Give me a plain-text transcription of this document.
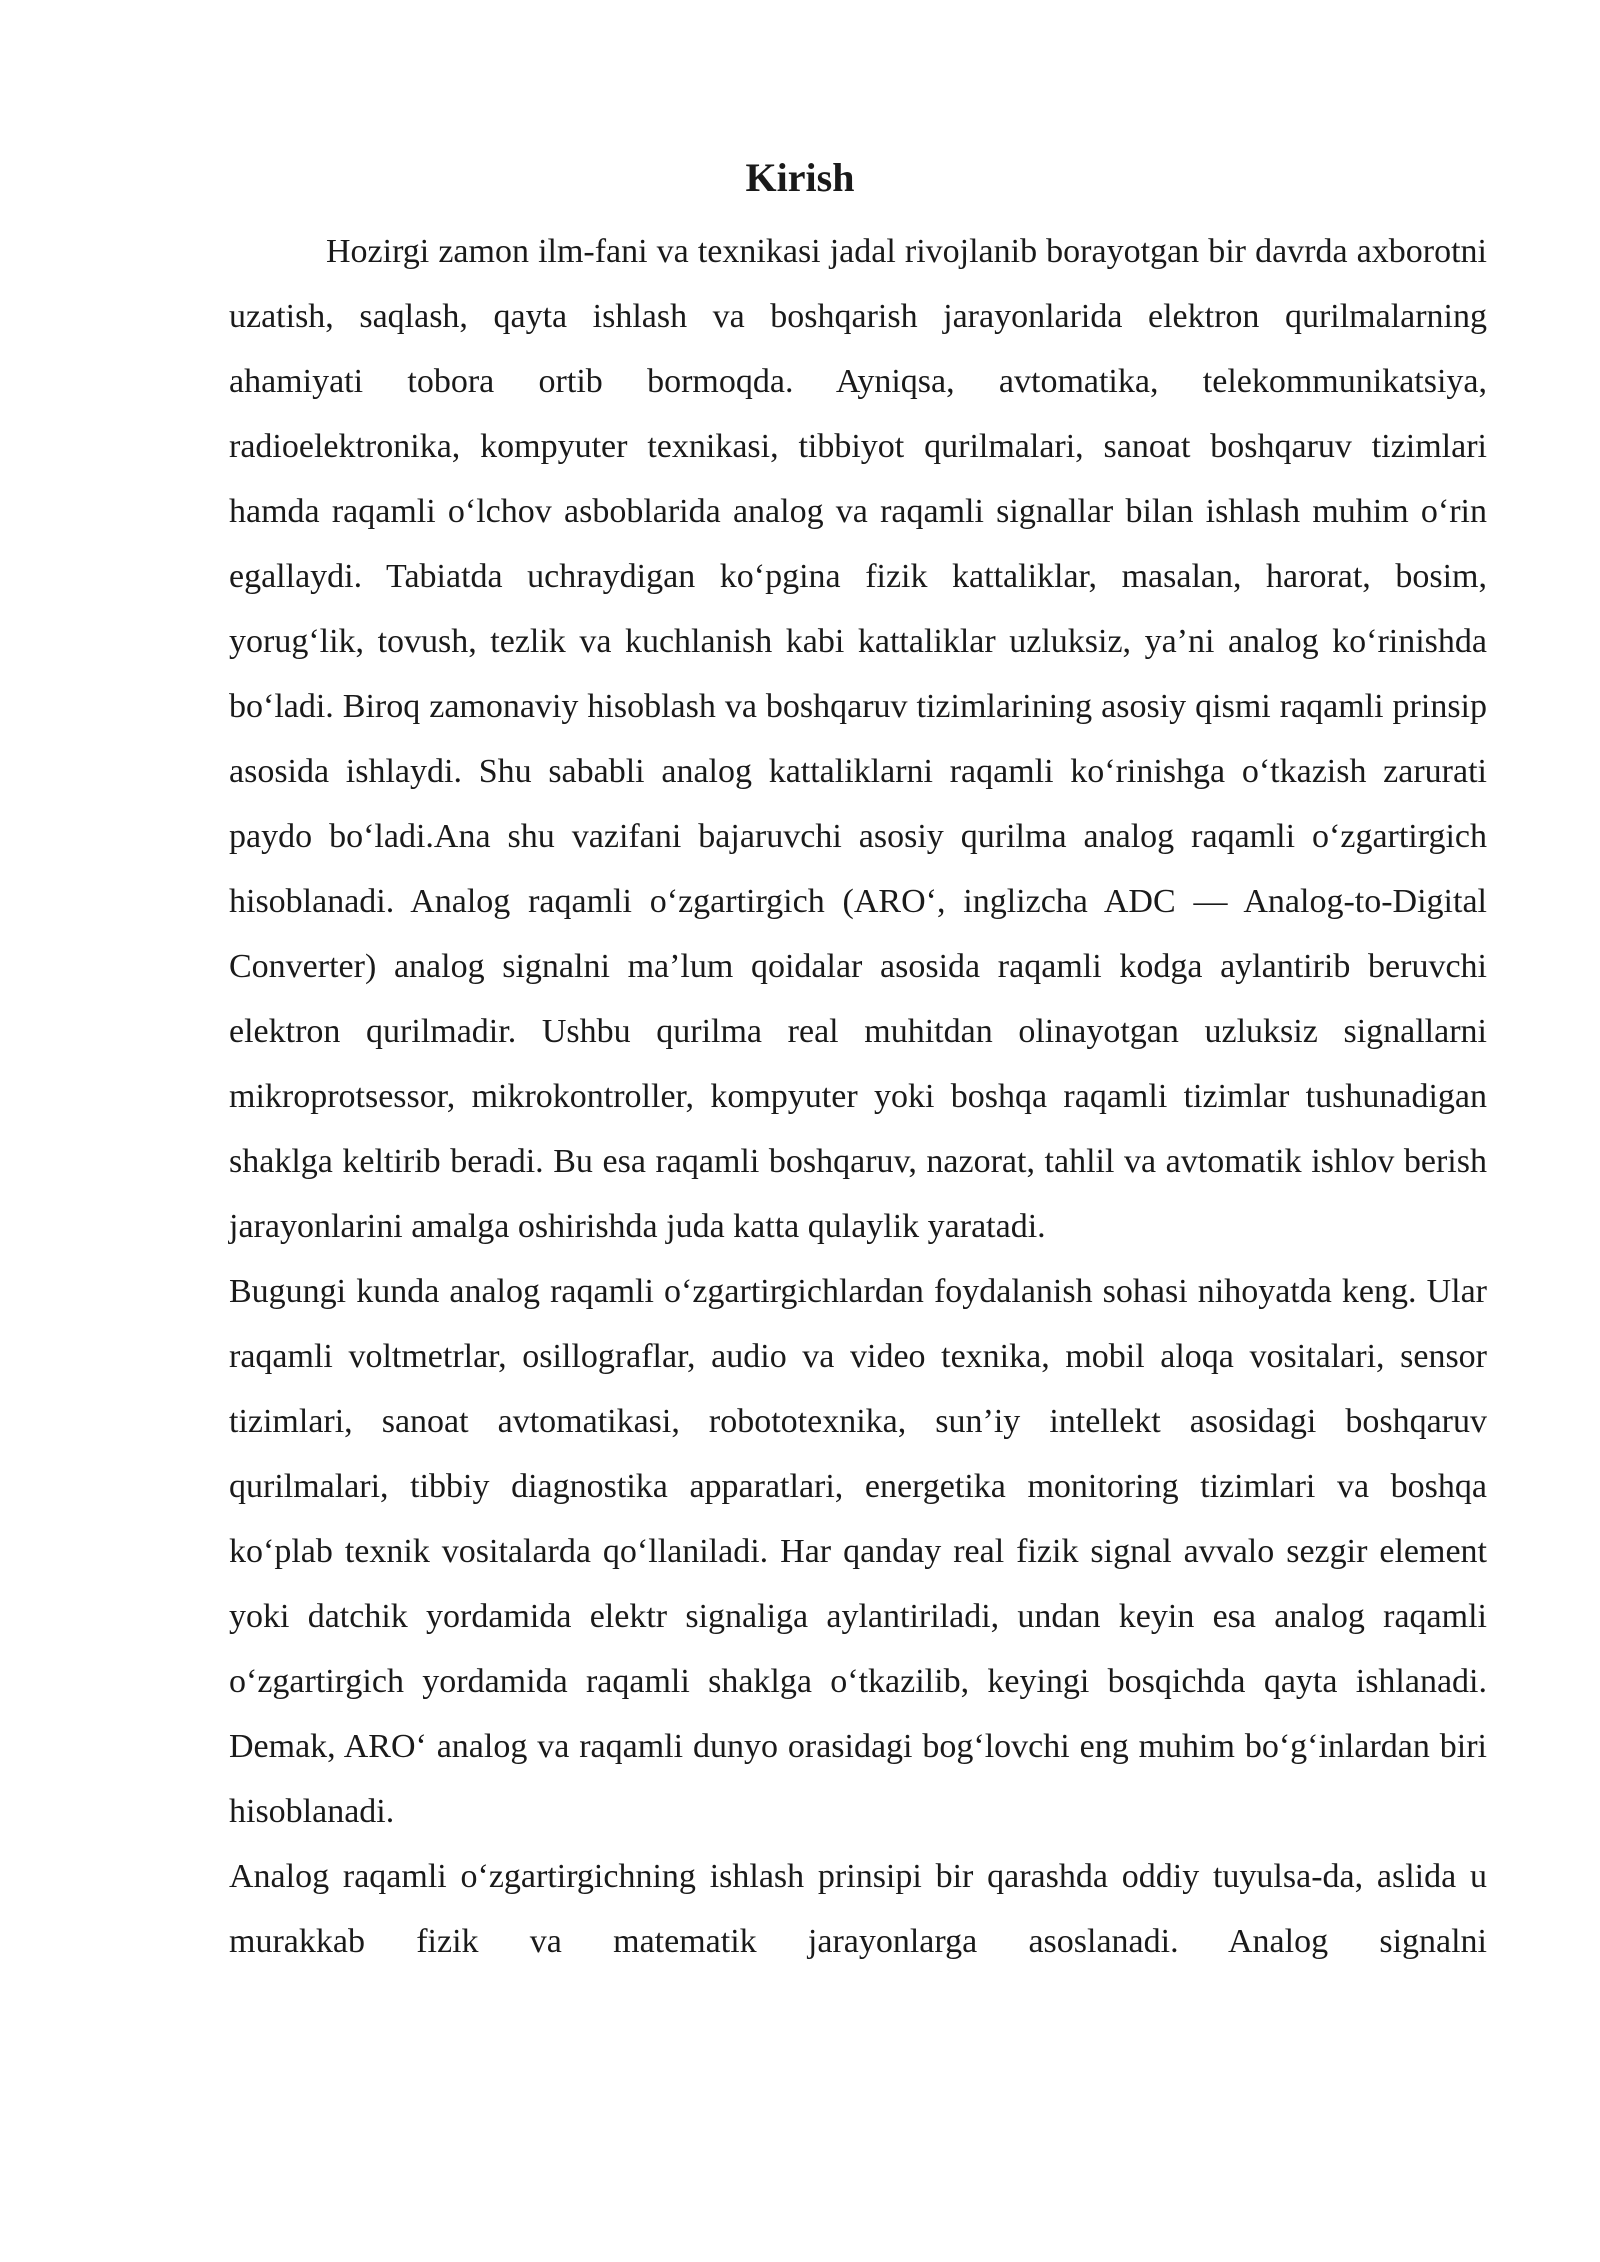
Kirish

Hozirgi zamon ilm-fani va texnikasi jadal rivojlanib borayotgan bir davrda axborotni uzatish, saqlash, qayta ishlash va boshqarish jarayonlarida elektron qurilmalarning ahamiyati tobora ortib bormoqda. Ayniqsa, avtomatika, telekommunikatsiya, radioelektronika, kompyuter texnikasi, tibbiyot qurilmalari, sanoat boshqaruv tizimlari hamda raqamli o‘lchov asboblarida analog va raqamli signallar bilan ishlash muhim o‘rin egallaydi. Tabiatda uchraydigan ko‘pgina fizik kattaliklar, masalan, harorat, bosim, yorug‘lik, tovush, tezlik va kuchlanish kabi kattaliklar uzluksiz, ya’ni analog ko‘rinishda bo‘ladi. Biroq zamonaviy hisoblash va boshqaruv tizimlarining asosiy qismi raqamli prinsip asosida ishlaydi. Shu sababli analog kattaliklarni raqamli ko‘rinishga o‘tkazish zarurati paydo bo‘ladi.Ana shu vazifani bajaruvchi asosiy qurilma analog raqamli o‘zgartirgich hisoblanadi. Analog raqamli o‘zgartirgich (ARO‘, inglizcha ADC — Analog-to-Digital Converter) analog signalni ma’lum qoidalar asosida raqamli kodga aylantirib beruvchi elektron qurilmadir. Ushbu qurilma real muhitdan olinayotgan uzluksiz signallarni mikroprotsessor, mikrokontroller, kompyuter yoki boshqa raqamli tizimlar tushunadigan shaklga keltirib beradi. Bu esa raqamli boshqaruv, nazorat, tahlil va avtomatik ishlov berish jarayonlarini amalga oshirishda juda katta qulaylik yaratadi.

Bugungi kunda analog raqamli o‘zgartirgichlardan foydalanish sohasi nihoyatda keng. Ular raqamli voltmetrlar, osillograflar, audio va video texnika, mobil aloqa vositalari, sensor tizimlari, sanoat avtomatikasi, robototexnika, sun’iy intellekt asosidagi boshqaruv qurilmalari, tibbiy diagnostika apparatlari, energetika monitoring tizimlari va boshqa ko‘plab texnik vositalarda qo‘llaniladi. Har qanday real fizik signal avvalo sezgir element yoki datchik yordamida elektr signaliga aylantiriladi, undan keyin esa analog raqamli o‘zgartirgich yordamida raqamli shaklga o‘tkazilib, keyingi bosqichda qayta ishlanadi. Demak, ARO‘ analog va raqamli dunyo orasidagi bog‘lovchi eng muhim bo‘g‘inlardan biri hisoblanadi.

Analog raqamli o‘zgartirgichning ishlash prinsipi bir qarashda oddiy tuyulsa-da, aslida u murakkab fizik va matematik jarayonlarga asoslanadi. Analog signalni
